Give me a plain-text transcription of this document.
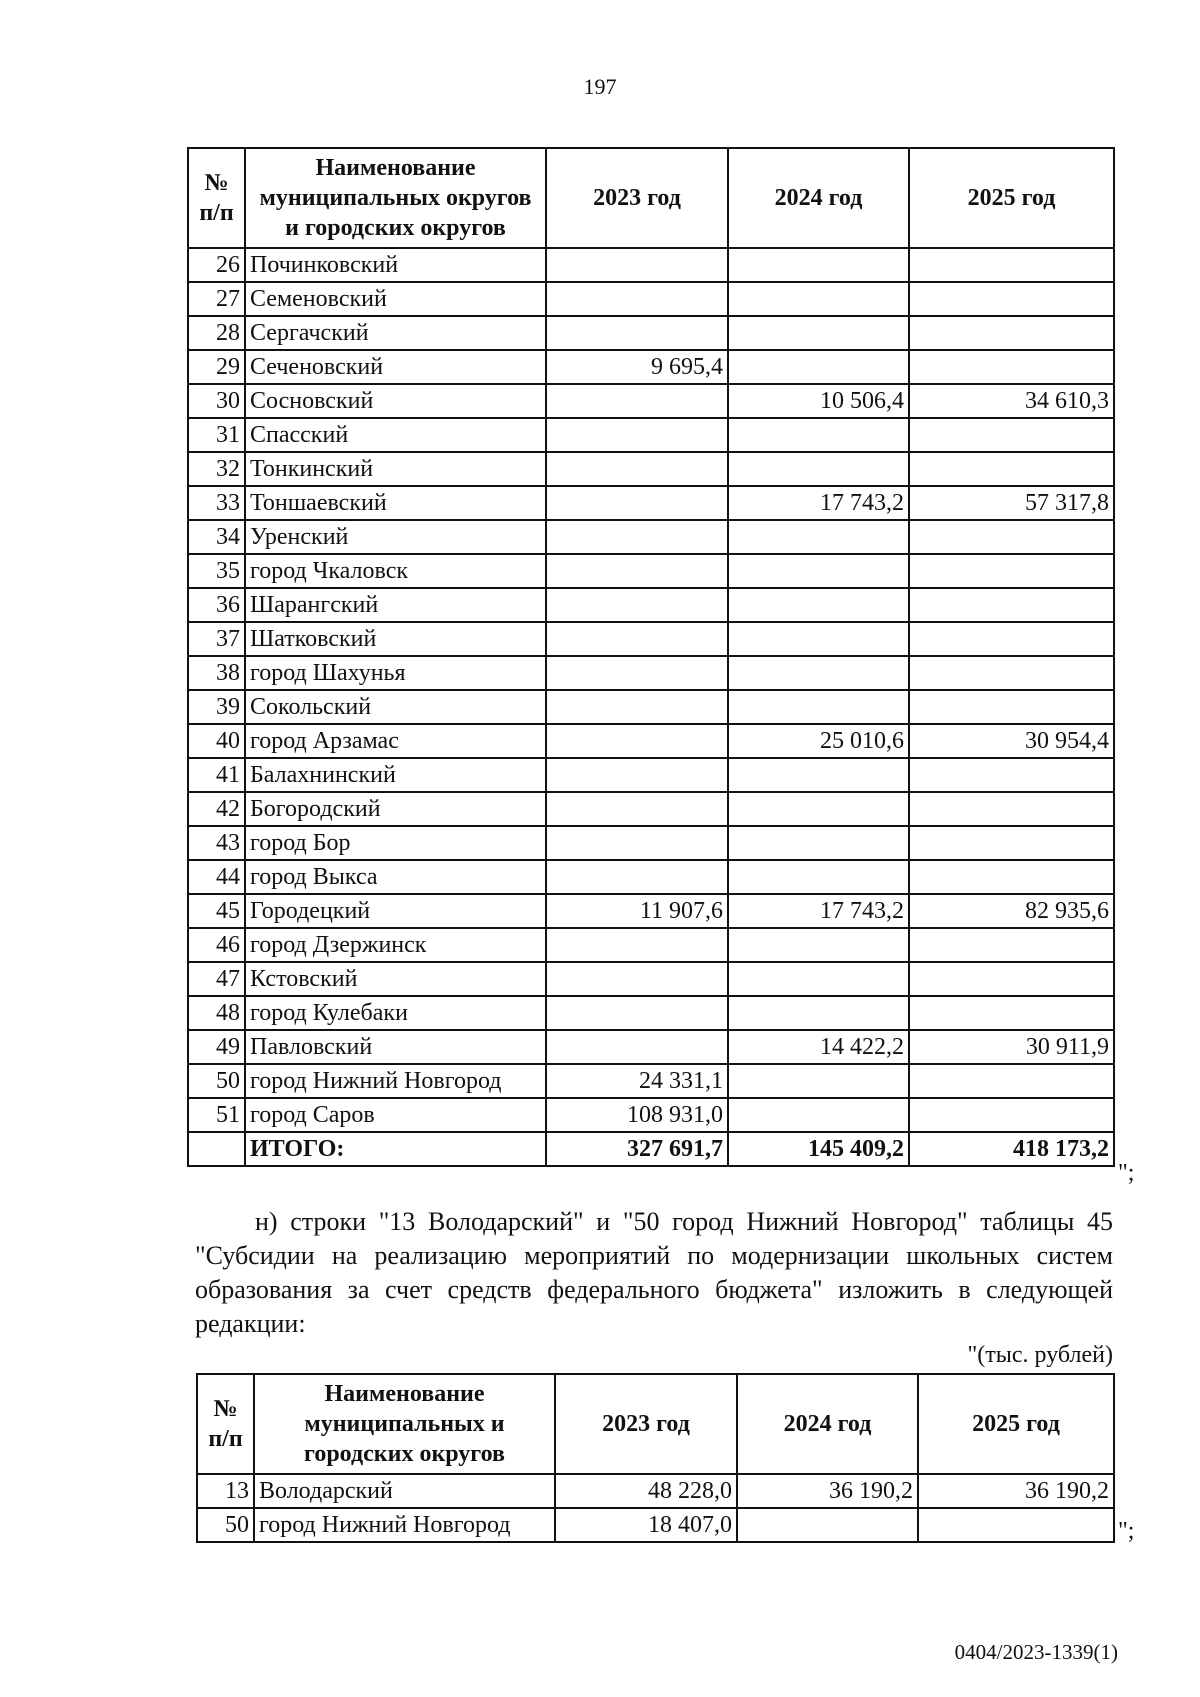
197
№ п/п	Наименование муниципальных округов и городских округов	2023 год	2024 год	2025 год
26	Починковский			
27	Семеновский			
28	Сергачский			
29	Сеченовский	9 695,4		
30	Сосновский		10 506,4	34 610,3
31	Спасский			
32	Тонкинский			
33	Тоншаевский		17 743,2	57 317,8
34	Уренский			
35	город Чкаловск			
36	Шарангский			
37	Шатковский			
38	город Шахунья			
39	Сокольский			
40	город Арзамас		25 010,6	30 954,4
41	Балахнинский			
42	Богородский			
43	город Бор			
44	город Выкса			
45	Городецкий	11 907,6	17 743,2	82 935,6
46	город Дзержинск			
47	Кстовский			
48	город Кулебаки			
49	Павловский		14 422,2	30 911,9
50	город Нижний Новгород	24 331,1		
51	город Саров	108 931,0		
	ИТОГО:	327 691,7	145 409,2	418 173,2
";

н) строки "13 Володарский" и "50 город Нижний Новгород" таблицы 45 "Субсидии на реализацию мероприятий по модернизации школьных систем образования за счет средств федерального бюджета" изложить в следующей редакции:

"(тыс. рублей)
№ п/п	Наименование муниципальных и городских округов	2023 год	2024 год	2025 год
13	Володарский	48 228,0	36 190,2	36 190,2
50	город Нижний Новгород	18 407,0			";
0404/2023-1339(1)
